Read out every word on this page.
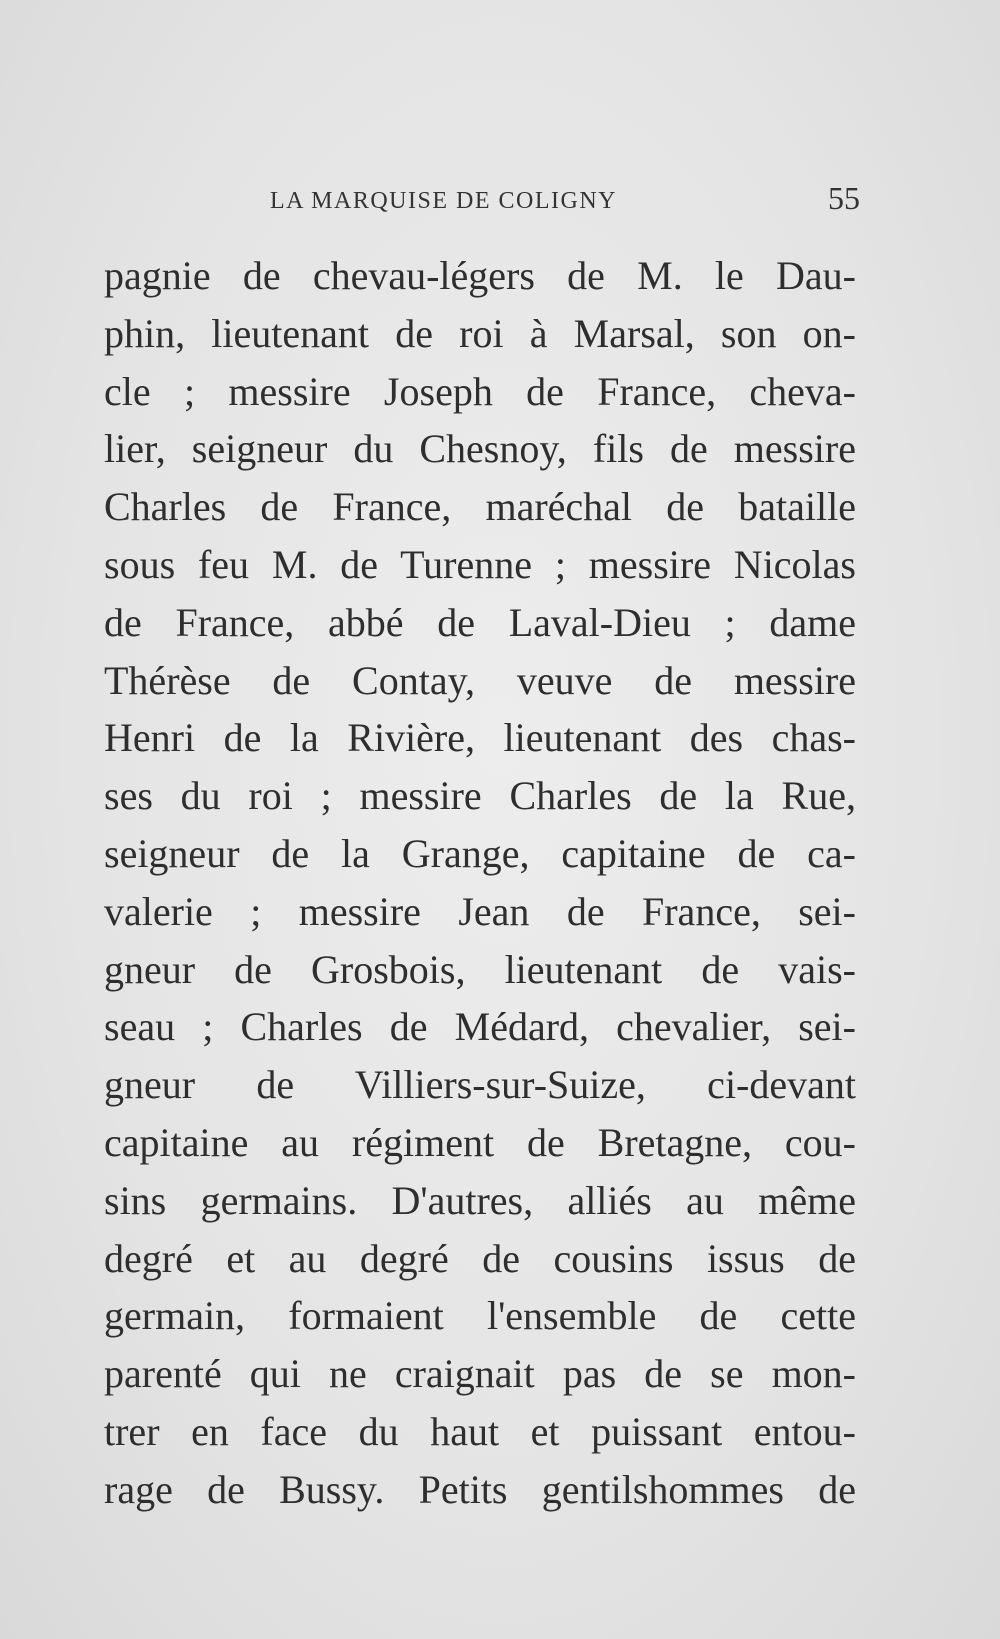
LA MARQUISE DE COLIGNY	55
pagnie de chevau-légers de M. le Dau-
phin, lieutenant de roi à Marsal, son on-
cle ; messire Joseph de France, cheva-
lier, seigneur du Chesnoy, fils de messire
Charles de France, maréchal de bataille
sous feu M. de Turenne ; messire Nicolas
de France, abbé de Laval-Dieu ; dame
Thérèse de Contay, veuve de messire
Henri de la Rivière, lieutenant des chas-
ses du roi ; messire Charles de la Rue,
seigneur de la Grange, capitaine de ca-
valerie ; messire Jean de France, sei-
gneur de Grosbois, lieutenant de vais-
seau ; Charles de Médard, chevalier, sei-
gneur de Villiers-sur-Suize, ci-devant
capitaine au régiment de Bretagne, cou-
sins germains. D'autres, alliés au même
degré et au degré de cousins issus de
germain, formaient l'ensemble de cette
parenté qui ne craignait pas de se mon-
trer en face du haut et puissant entou-
rage de Bussy. Petits gentilshommes de
